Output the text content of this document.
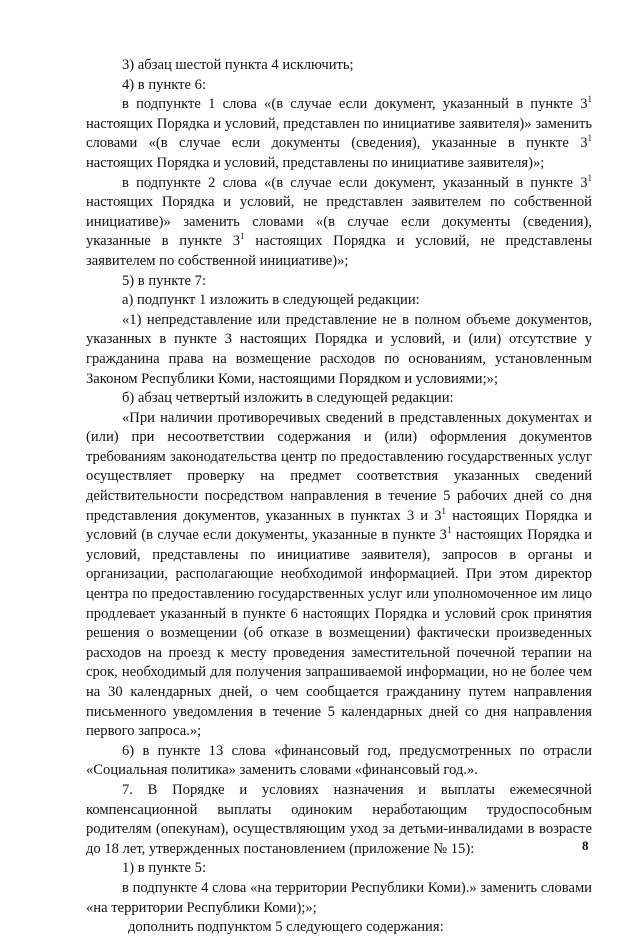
3) абзац шестой пункта 4 исключить;

4) в пункте 6:

в подпункте 1 слова «(в случае если документ, указанный в пункте $3^1$ настоящих Порядка и условий, представлен по инициативе заявителя)» заменить словами «(в случае если документы (сведения), указанные в пункте $3^1$ настоящих Порядка и условий, представлены по инициативе заявителя)»;

в подпункте 2 слова «(в случае если документ, указанный в пункте $3^1$ настоящих Порядка и условий, не представлен заявителем по собственной инициативе)» заменить словами «(в случае если документы (сведения), указанные в пункте $3^1$ настоящих Порядка и условий, не представлены заявителем по собственной инициативе)»;

5) в пункте 7:

а) подпункт 1 изложить в следующей редакции:

«1) непредставление или представление не в полном объеме документов, указанных в пункте 3 настоящих Порядка и условий, и (или) отсутствие у гражданина права на возмещение расходов по основаниям, установленным Законом Республики Коми, настоящими Порядком и условиями;»;

б) абзац четвертый изложить в следующей редакции:

«При наличии противоречивых сведений в представленных документах и (или) при несоответствии содержания и (или) оформления документов требованиям законодательства центр по предоставлению государственных услуг осуществляет проверку на предмет соответствия указанных сведений действительности посредством направления в течение 5 рабочих дней со дня представления документов, указанных в пунктах 3 и $3^1$ настоящих Порядка и условий (в случае если документы, указанные в пункте $3^1$ настоящих Порядка и условий, представлены по инициативе заявителя), запросов в органы и организации, располагающие необходимой информацией. При этом директор центра по предоставлению государственных услуг или уполномоченное им лицо продлевает указанный в пункте 6 настоящих Порядка и условий срок принятия решения о возмещении (об отказе в возмещении) фактически произведенных расходов на проезд к месту проведения заместительной почечной терапии на срок, необходимый для получения запрашиваемой информации, но не более чем на 30 календарных дней, о чем сообщается гражданину путем направления письменного уведомления в течение 5 календарных дней со дня направления первого запроса.»;

6) в пункте 13 слова «финансовый год, предусмотренных по отрасли «Социальная политика» заменить словами «финансовый год.».

7. В Порядке и условиях назначения и выплаты ежемесячной компенсационной выплаты одиноким неработающим трудоспособным родителям (опекунам), осуществляющим уход за детьми-инвалидами в возрасте до 18 лет, утвержденных постановлением (приложение № 15):

1) в пункте 5:

в подпункте 4 слова «на территории Республики Коми).» заменить словами «на территории Республики Коми);»;

дополнить подпунктом 5 следующего содержания:

8
